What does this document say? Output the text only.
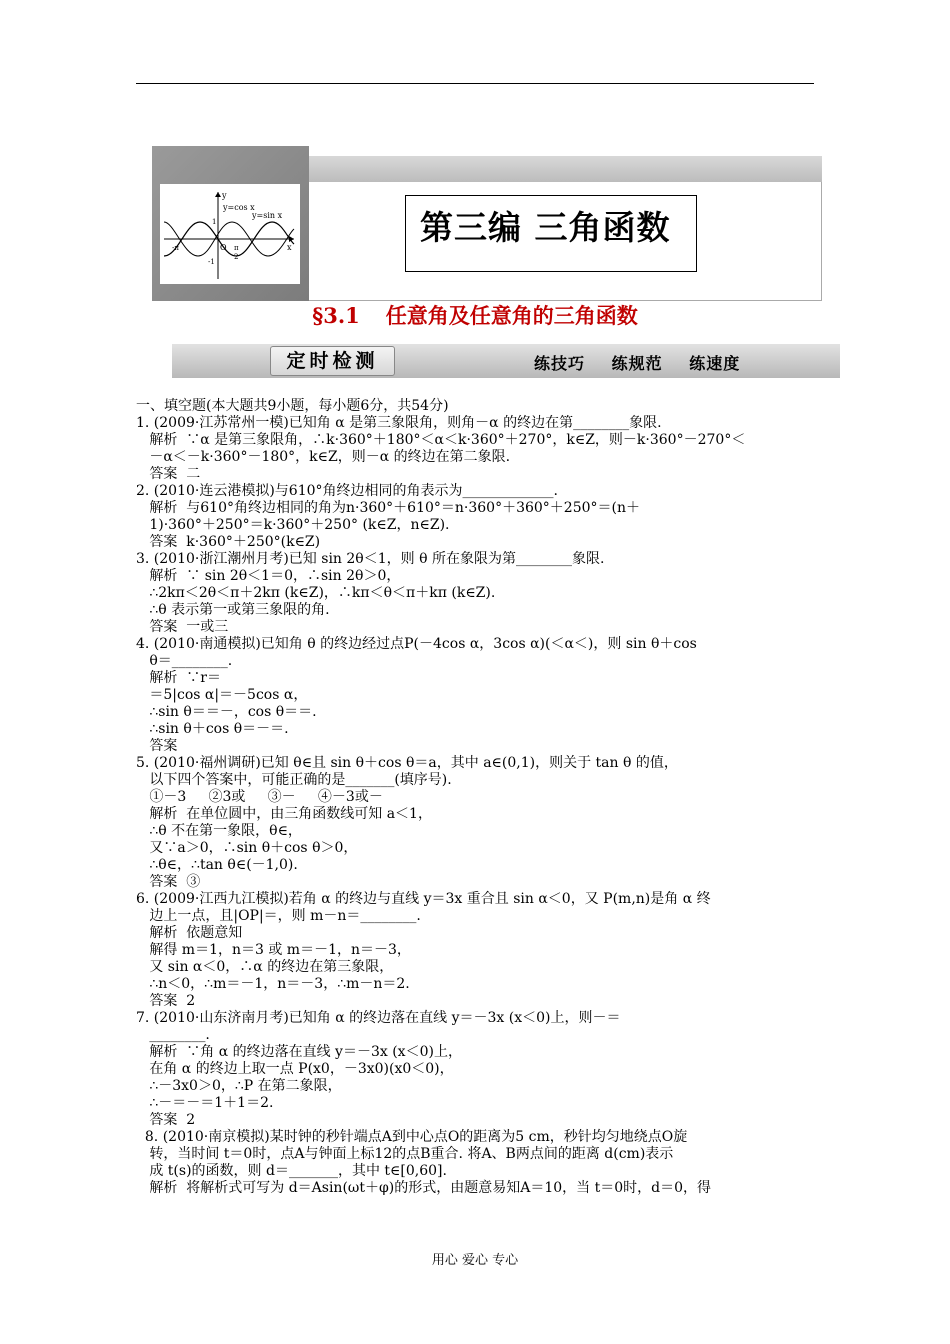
y
x
y=cos x
y=sin x
O
1
-1
-π	π
2
第三编 三角函数
§3.1 任意角及任意角的三角函数
定时检测	练技巧 练规范 练速度
一、填空题(本大题共9小题，每小题6分，共54分)
1. (2009·江苏常州一模)已知角 α 是第三象限角，则角－α 的终边在第________象限.
解析  ∵α 是第三象限角，∴k·360°＋180°＜α＜k·360°＋270°，k∈Z，则－k·360°－270°＜
－α＜－k·360°－180°，k∈Z，则－α 的终边在第二象限.
答案  二
2. (2010·连云港模拟)与610°角终边相同的角表示为_____________.
解析  与610°角终边相同的角为n·360°＋610°＝n·360°＋360°＋250°＝(n＋
1)·360°＋250°＝k·360°＋250° (k∈Z，n∈Z).
答案  k·360°＋250°(k∈Z)
3. (2010·浙江潮州月考)已知 sin 2θ＜1，则 θ 所在象限为第________象限.
解析  ∵ sin 2θ＜1＝0，∴sin 2θ＞0，
∴2kπ＜2θ＜π＋2kπ (k∈Z)，∴kπ＜θ＜π＋kπ (k∈Z).
∴θ 表示第一或第三象限的角.
答案  一或三
4. (2010·南通模拟)已知角 θ 的终边经过点P(－4cos α，3cos α)(＜α＜)，则 sin θ＋cos
θ＝________.
解析  ∵r＝
＝5|cos α|＝－5cos α，
∴sin θ＝＝－，cos θ＝＝.
∴sin θ＋cos θ＝－＝.
答案
5. (2010·福州调研)已知 θ∈且 sin θ＋cos θ＝a，其中 a∈(0,1)，则关于 tan θ 的值，
以下四个答案中，可能正确的是_______(填序号).
①－3     ②3或     ③－     ④－3或－
解析  在单位圆中，由三角函数线可知 a＜1，
∴θ 不在第一象限，θ∈，
又∵a＞0，∴sin θ＋cos θ＞0，
∴θ∈，∴tan θ∈(－1,0).
答案  ③
6. (2009·江西九江模拟)若角 α 的终边与直线 y＝3x 重合且 sin α＜0，又 P(m,n)是角 α 终
边上一点，且|OP|＝，则 m－n＝________.
解析  依题意知
解得 m＝1，n＝3 或 m＝－1，n＝－3，
又 sin α＜0，∴α 的终边在第三象限，
∴n＜0，∴m＝－1，n＝－3，∴m－n＝2.
答案  2
7. (2010·山东济南月考)已知角 α 的终边落在直线 y＝－3x (x＜0)上，则－＝
________.
解析  ∵角 α 的终边落在直线 y＝－3x (x＜0)上，
在角 α 的终边上取一点 P(x0，－3x0)(x0＜0)，
∴－3x0＞0，∴P 在第二象限，
∴－＝－＝1＋1＝2.
答案  2
8. (2010·南京模拟)某时钟的秒针端点A到中心点O的距离为5 cm，秒针均匀地绕点O旋
转，当时间 t＝0时，点A与钟面上标12的点B重合. 将A、B两点间的距离 d(cm)表示
成 t(s)的函数，则 d＝_______，其中 t∈[0,60].
解析  将解析式可写为 d＝Asin(ωt＋φ)的形式，由题意易知A＝10，当 t＝0时，d＝0，得
用心 爱心 专心
